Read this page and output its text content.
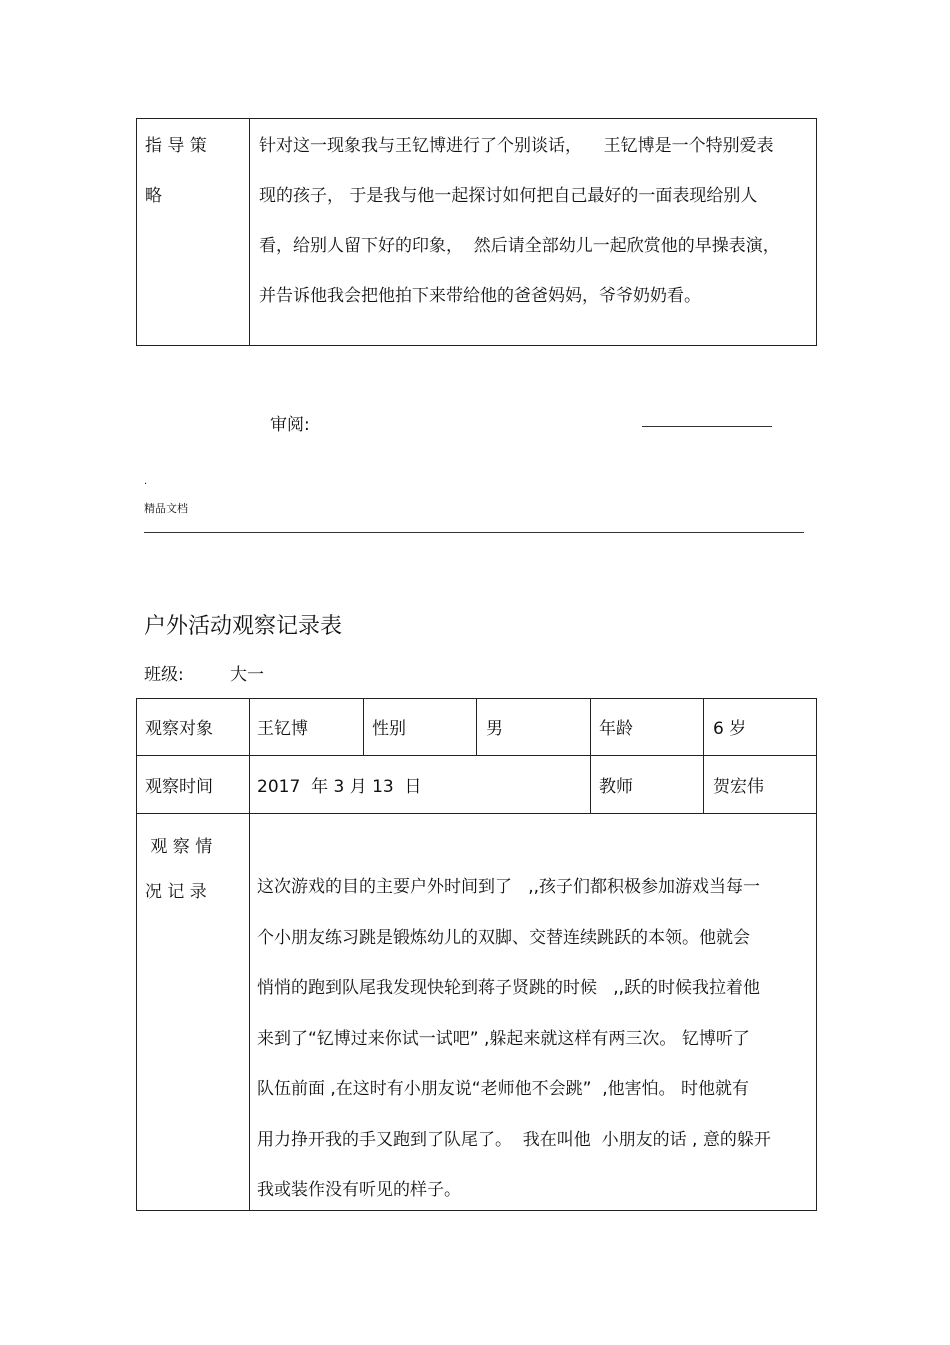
指 导 策
略

针对这一现象我与王钇博进行了个别谈话，    王钇博是一个特别爱表

现的孩子， 于是我与他一起探讨如何把自己最好的一面表现给别人

看，给别人留下好的印象，  然后请全部幼儿一起欣赏他的早操表演，

并告诉他我会把他拍下来带给他的爸爸妈妈，爷爷奶奶看。

审阅:
.
精品文档
户外活动观察记录表
班级:	大一
观察对象	王钇博	性别	男	年龄	6 岁
观察时间	2017  年 3 月 13  日	教师	贺宏伟
观 察 情
况 记 录	这次游戏的目的主要户外时间到了   ,,孩子们都积极参加游戏当每一

个小朋友练习跳是锻炼幼儿的双脚、交替连续跳跃的本领。他就会

悄悄的跑到队尾我发现快轮到蒋子贤跳的时候   ,,跃的时候我拉着他

来到了“钇博过来你试一试吧” ,躲起来就这样有两三次。 钇博听了

队伍前面 ,在这时有小朋友说“老师他不会跳”  ,他害怕。 时他就有

用力挣开我的手又跑到了队尾了。  我在叫他  小朋友的话 , 意的躲开

我或装作没有听见的样子。
